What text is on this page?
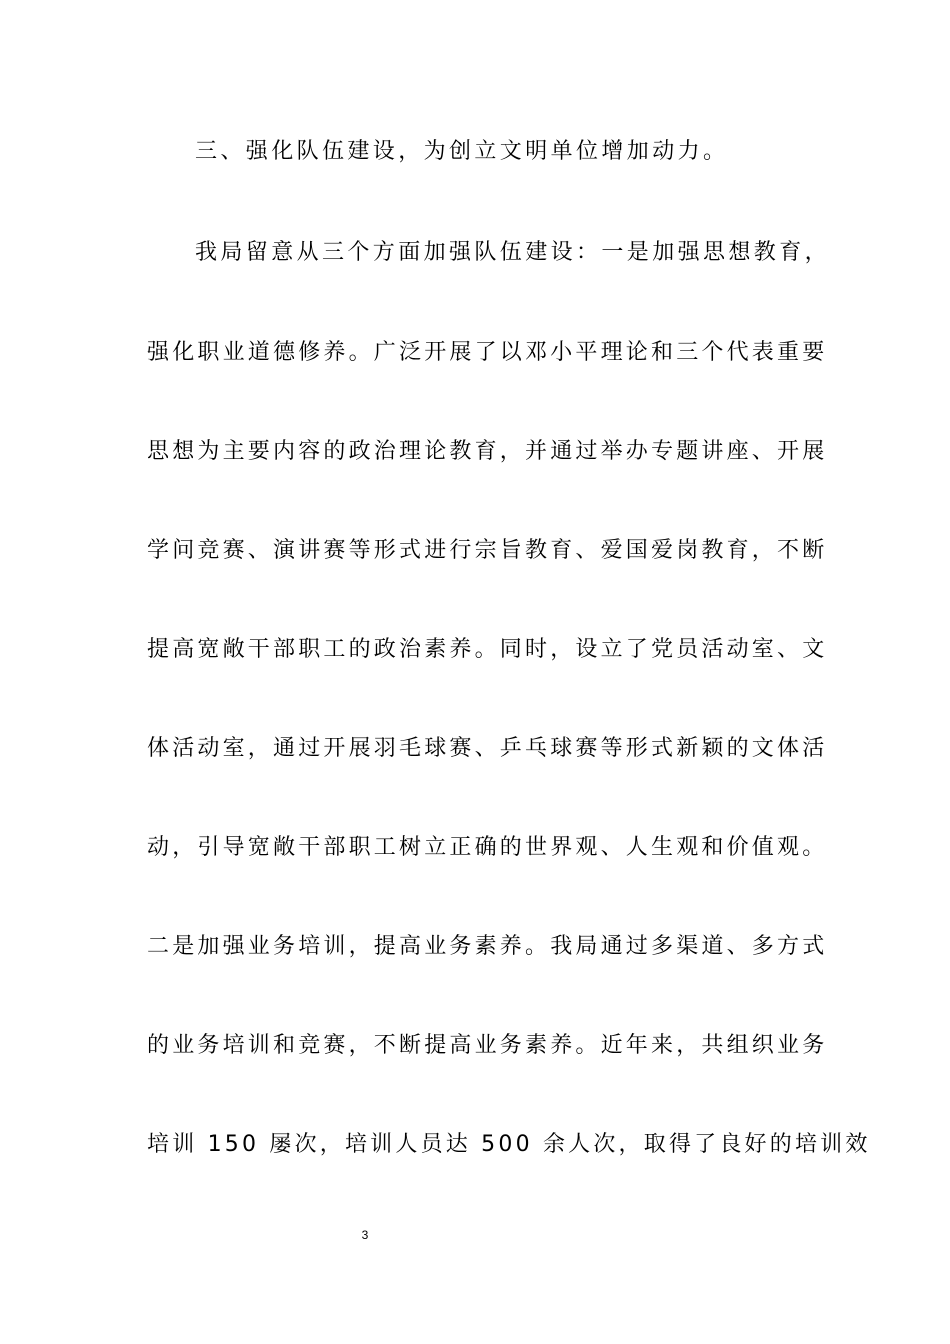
三、强化队伍建设，为创立文明单位增加动力。
我局留意从三个方面加强队伍建设：一是加强思想教育，
强化职业道德修养。广泛开展了以邓小平理论和三个代表重要
思想为主要内容的政治理论教育，并通过举办专题讲座、开展
学问竞赛、演讲赛等形式进行宗旨教育、爱国爱岗教育，不断
提高宽敞干部职工的政治素养。同时，设立了党员活动室、文
体活动室，通过开展羽毛球赛、乒乓球赛等形式新颖的文体活
动，引导宽敞干部职工树立正确的世界观、人生观和价值观。
二是加强业务培训，提高业务素养。我局通过多渠道、多方式
的业务培训和竞赛，不断提高业务素养。近年来，共组织业务
培训 150 屡次，培训人员达 500 余人次，取得了良好的培训效
3
